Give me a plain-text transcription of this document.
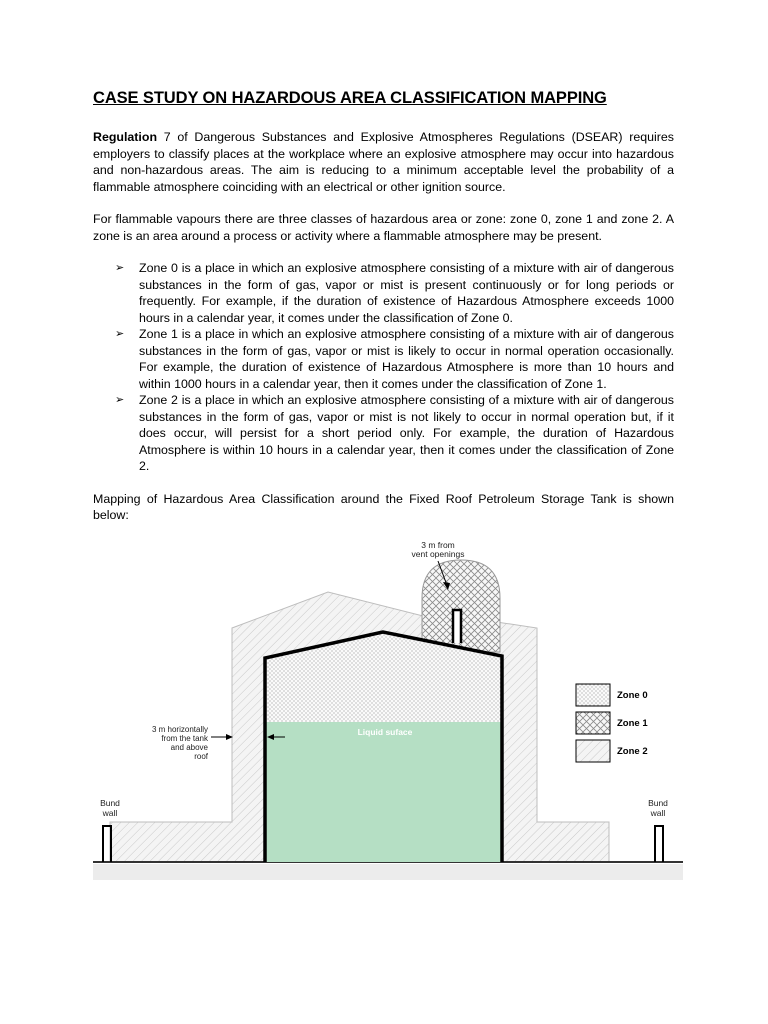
CASE STUDY ON HAZARDOUS AREA CLASSIFICATION MAPPING

Regulation 7 of Dangerous Substances and Explosive Atmospheres Regulations (DSEAR) requires employers to classify places at the workplace where an explosive atmosphere may occur into hazardous and non-hazardous areas. The aim is reducing to a minimum acceptable level the probability of a flammable atmosphere coinciding with an electrical or other ignition source.

For flammable vapours there are three classes of hazardous area or zone: zone 0, zone 1 and zone 2. A zone is an area around a process or activity where a flammable atmosphere may be present.

➢ Zone 0 is a place in which an explosive atmosphere consisting of a mixture with air of dangerous substances in the form of gas, vapor or mist is present continuously or for long periods or frequently. For example, if the duration of existence of Hazardous Atmosphere exceeds 1000 hours in a calendar year, it comes under the classification of Zone 0.
➢ Zone 1 is a place in which an explosive atmosphere consisting of a mixture with air of dangerous substances in the form of gas, vapor or mist is likely to occur in normal operation occasionally. For example, the duration of existence of Hazardous Atmosphere is more than 10 hours and within 1000 hours in a calendar year, then it comes under the classification of Zone 1.
➢ Zone 2 is a place in which an explosive atmosphere consisting of a mixture with air of dangerous substances in the form of gas, vapor or mist is not likely to occur in normal operation but, if it does occur, will persist for a short period only. For example, the duration of Hazardous Atmosphere is within 10 hours in a calendar year, then it comes under the classification of Zone 2.

Mapping of Hazardous Area Classification around the Fixed Roof Petroleum Storage Tank is shown below:

3 m from
vent openings
3 m horizontally
from the tank
and above
roof
Liquid suface
Bund
wall
Bund
wall
Zone 0
Zone 1
Zone 2
